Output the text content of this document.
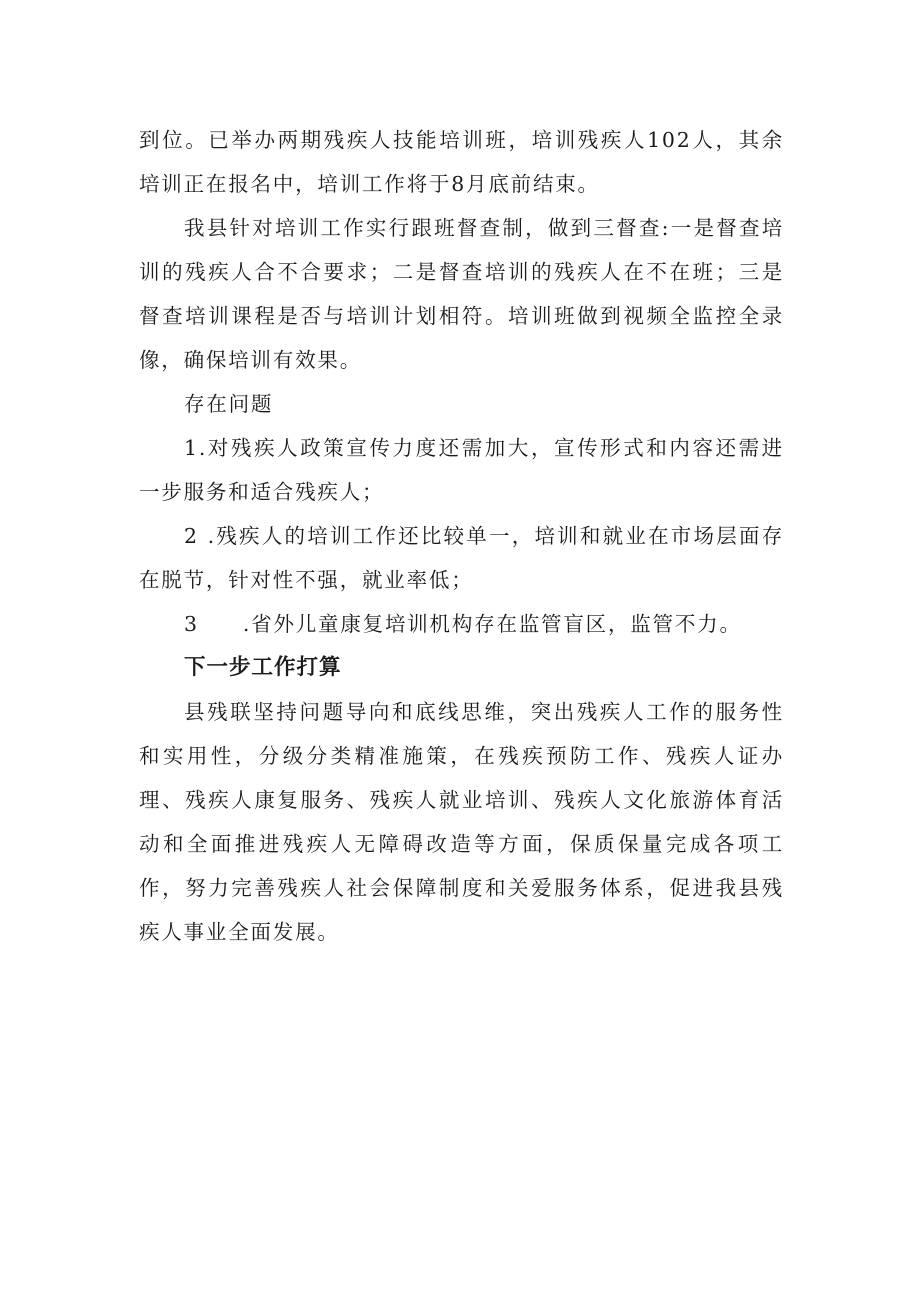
到位。已举办两期残疾人技能培训班，培训残疾人102人，其余培训正在报名中，培训工作将于8月底前结束。

我县针对培训工作实行跟班督查制，做到三督查:一是督查培训的残疾人合不合要求；二是督查培训的残疾人在不在班；三是督查培训课程是否与培训计划相符。培训班做到视频全监控全录像，确保培训有效果。

存在问题

1.对残疾人政策宣传力度还需加大，宣传形式和内容还需进一步服务和适合残疾人；

2 .残疾人的培训工作还比较单一，培训和就业在市场层面存在脱节，针对性不强，就业率低；

3 .省外儿童康复培训机构存在监管盲区，监管不力。

下一步工作打算

县残联坚持问题导向和底线思维，突出残疾人工作的服务性和实用性，分级分类精准施策，在残疾预防工作、残疾人证办理、残疾人康复服务、残疾人就业培训、残疾人文化旅游体育活动和全面推进残疾人无障碍改造等方面，保质保量完成各项工作，努力完善残疾人社会保障制度和关爱服务体系，促进我县残疾人事业全面发展。
